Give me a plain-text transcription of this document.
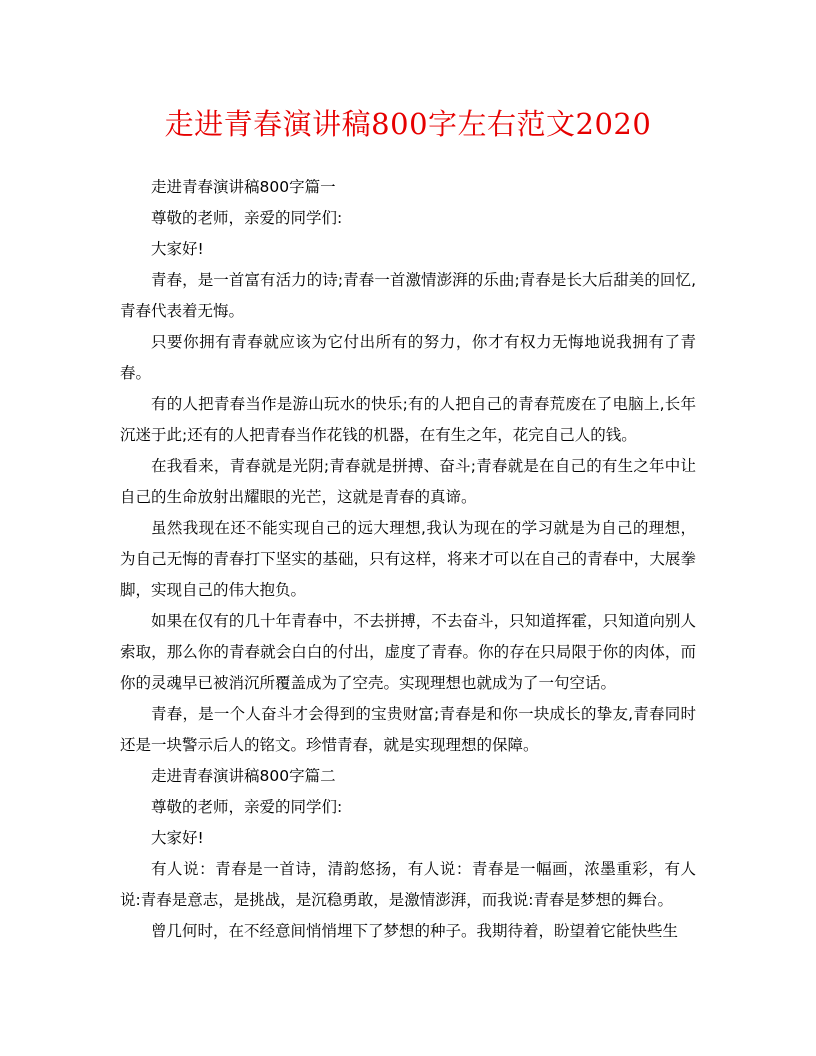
走进青春演讲稿800字左右范文2020

走进青春演讲稿800字篇一

尊敬的老师，亲爱的同学们:

大家好!

青春，是一首富有活力的诗;青春一首激情澎湃的乐曲;青春是长大后甜美的回忆,青春代表着无悔。

只要你拥有青春就应该为它付出所有的努力，你才有权力无悔地说我拥有了青春。

有的人把青春当作是游山玩水的快乐;有的人把自己的青春荒废在了电脑上,长年沉迷于此;还有的人把青春当作花钱的机器，在有生之年，花完自己人的钱。

在我看来，青春就是光阴;青春就是拼搏、奋斗;青春就是在自己的有生之年中让自己的生命放射出耀眼的光芒，这就是青春的真谛。

虽然我现在还不能实现自己的远大理想,我认为现在的学习就是为自己的理想，为自己无悔的青春打下坚实的基础，只有这样，将来才可以在自己的青春中，大展拳脚，实现自己的伟大抱负。

如果在仅有的几十年青春中，不去拼搏，不去奋斗，只知道挥霍，只知道向别人索取，那么你的青春就会白白的付出，虚度了青春。你的存在只局限于你的肉体，而你的灵魂早已被消沉所覆盖成为了空壳。实现理想也就成为了一句空话。

青春，是一个人奋斗才会得到的宝贵财富;青春是和你一块成长的挚友,青春同时还是一块警示后人的铭文。珍惜青春，就是实现理想的保障。

走进青春演讲稿800字篇二

尊敬的老师，亲爱的同学们:

大家好!

有人说：青春是一首诗，清韵悠扬，有人说：青春是一幅画，浓墨重彩，有人说:青春是意志，是挑战，是沉稳勇敢，是激情澎湃，而我说:青春是梦想的舞台。

曾几何时，在不经意间悄悄埋下了梦想的种子。我期待着，盼望着它能快些生
